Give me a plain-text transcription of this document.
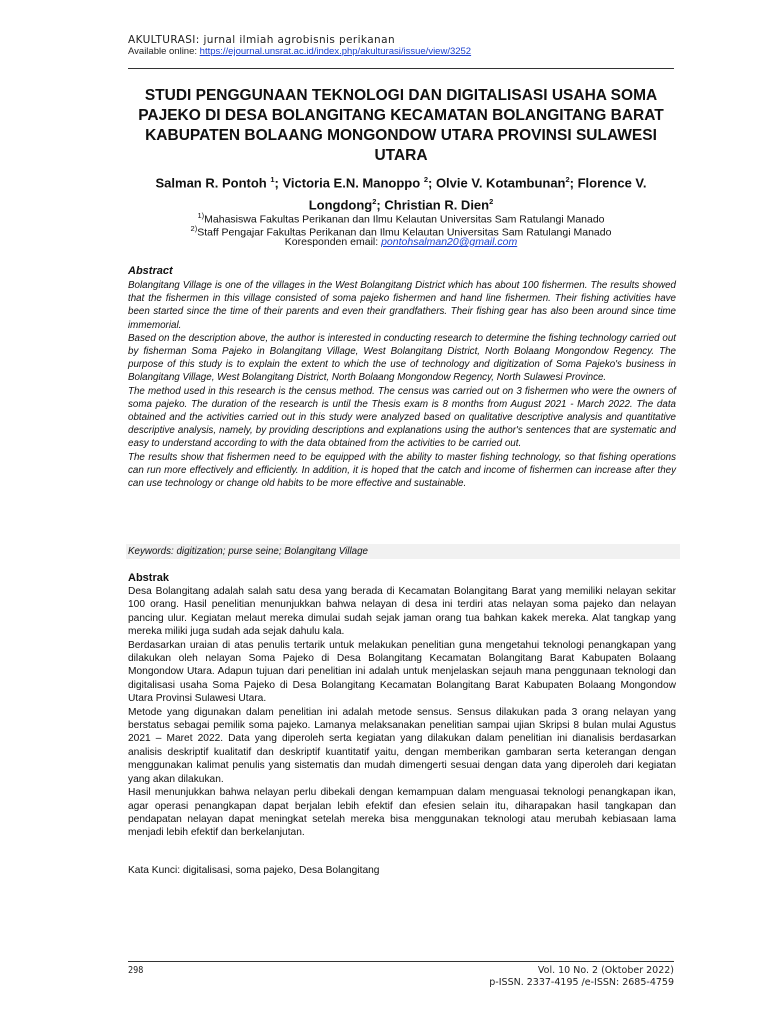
AKULTURASI: jurnal ilmiah agrobisnis perikanan
Available online: https://ejournal.unsrat.ac.id/index.php/akulturasi/issue/view/3252
STUDI PENGGUNAAN TEKNOLOGI DAN DIGITALISASI USAHA SOMA PAJEKO DI DESA BOLANGITANG KECAMATAN BOLANGITANG BARAT KABUPATEN BOLAANG MONGONDOW UTARA PROVINSI SULAWESI UTARA
Salman R. Pontoh $^1$; Victoria E.N. Manoppo $^2$; Olvie V. Kotambunan$^2$; Florence V. Longdong$^2$; Christian R. Dien$^2$
$^{1)}$Mahasiswa Fakultas Perikanan dan Ilmu Kelautan Universitas Sam Ratulangi Manado
$^{2)}$Staff Pengajar Fakultas Perikanan dan Ilmu Kelautan Universitas Sam Ratulangi Manado
Koresponden email: pontohsalman20@gmail.com
Abstract

Bolangitang Village is one of the villages in the West Bolangitang District which has about 100 fishermen. The results showed that the fishermen in this village consisted of soma pajeko fishermen and hand line fishermen. Their fishing activities have been started since the time of their parents and even their grandfathers. Their fishing gear has also been around since time immemorial.

Based on the description above, the author is interested in conducting research to determine the fishing technology carried out by fisherman Soma Pajeko in Bolangitang Village, West Bolangitang District, North Bolaang Mongondow Regency. The purpose of this study is to explain the extent to which the use of technology and digitization of Soma Pajeko's business in Bolangitang Village, West Bolangitang District, North Bolaang Mongondow Regency, North Sulawesi Province.

The method used in this research is the census method. The census was carried out on 3 fishermen who were the owners of soma pajeko. The duration of the research is until the Thesis exam is 8 months from August 2021 - March 2022. The data obtained and the activities carried out in this study were analyzed based on qualitative descriptive analysis and quantitative descriptive analysis, namely, by providing descriptions and explanations using the author's sentences that are systematic and easy to understand according to with the data obtained from the activities to be carried out.

The results show that fishermen need to be equipped with the ability to master fishing technology, so that fishing operations can run more effectively and efficiently. In addition, it is hoped that the catch and income of fishermen can increase after they can use technology or change old habits to be more effective and sustainable.

Keywords: digitization; purse seine; Bolangitang Village
Abstrak

Desa Bolangitang adalah salah satu desa yang berada di Kecamatan Bolangitang Barat yang memiliki nelayan sekitar 100 orang. Hasil penelitian menunjukkan bahwa nelayan di desa ini terdiri atas nelayan soma pajeko dan nelayan pancing ulur. Kegiatan melaut mereka dimulai sudah sejak jaman orang tua bahkan kakek mereka. Alat tangkap yang mereka miliki juga sudah ada sejak dahulu kala.

Berdasarkan uraian di atas penulis tertarik untuk melakukan penelitian guna mengetahui teknologi penangkapan yang dilakukan oleh nelayan Soma Pajeko di Desa Bolangitang Kecamatan Bolangitang Barat Kabupaten Bolaang Mongondow Utara. Adapun tujuan dari penelitian ini adalah untuk menjelaskan sejauh mana penggunaan teknologi dan digitalisasi usaha Soma Pajeko di Desa Bolangitang Kecamatan Bolangitang Barat Kabupaten Bolaang Mongondow Utara Provinsi Sulawesi Utara.

Metode yang digunakan dalam penelitian ini adalah metode sensus. Sensus dilakukan pada 3 orang nelayan yang berstatus sebagai pemilik soma pajeko. Lamanya melaksanakan penelitian sampai ujian Skripsi 8 bulan mulai Agustus 2021 – Maret 2022. Data yang diperoleh serta kegiatan yang dilakukan dalam penelitian ini dianalisis berdasarkan analisis deskriptif kualitatif dan deskriptif kuantitatif yaitu, dengan memberikan gambaran serta keterangan dengan menggunakan kalimat penulis yang sistematis dan mudah dimengerti sesuai dengan data yang diperoleh dari kegiatan yang akan dilakukan.

Hasil menunjukkan bahwa nelayan perlu dibekali dengan kemampuan dalam menguasai teknologi penangkapan ikan, agar operasi penangkapan dapat berjalan lebih efektif dan efesien selain itu, diharapakan hasil tangkapan dan pendapatan nelayan dapat meningkat setelah mereka bisa menggunakan teknologi atau merubah kebiasaan lama menjadi lebih efektif dan berkelanjutan.

Kata Kunci: digitalisasi, soma pajeko, Desa Bolangitang
298	Vol. 10 No. 2 (Oktober 2022)
p-ISSN. 2337-4195 /e-ISSN: 2685-4759
